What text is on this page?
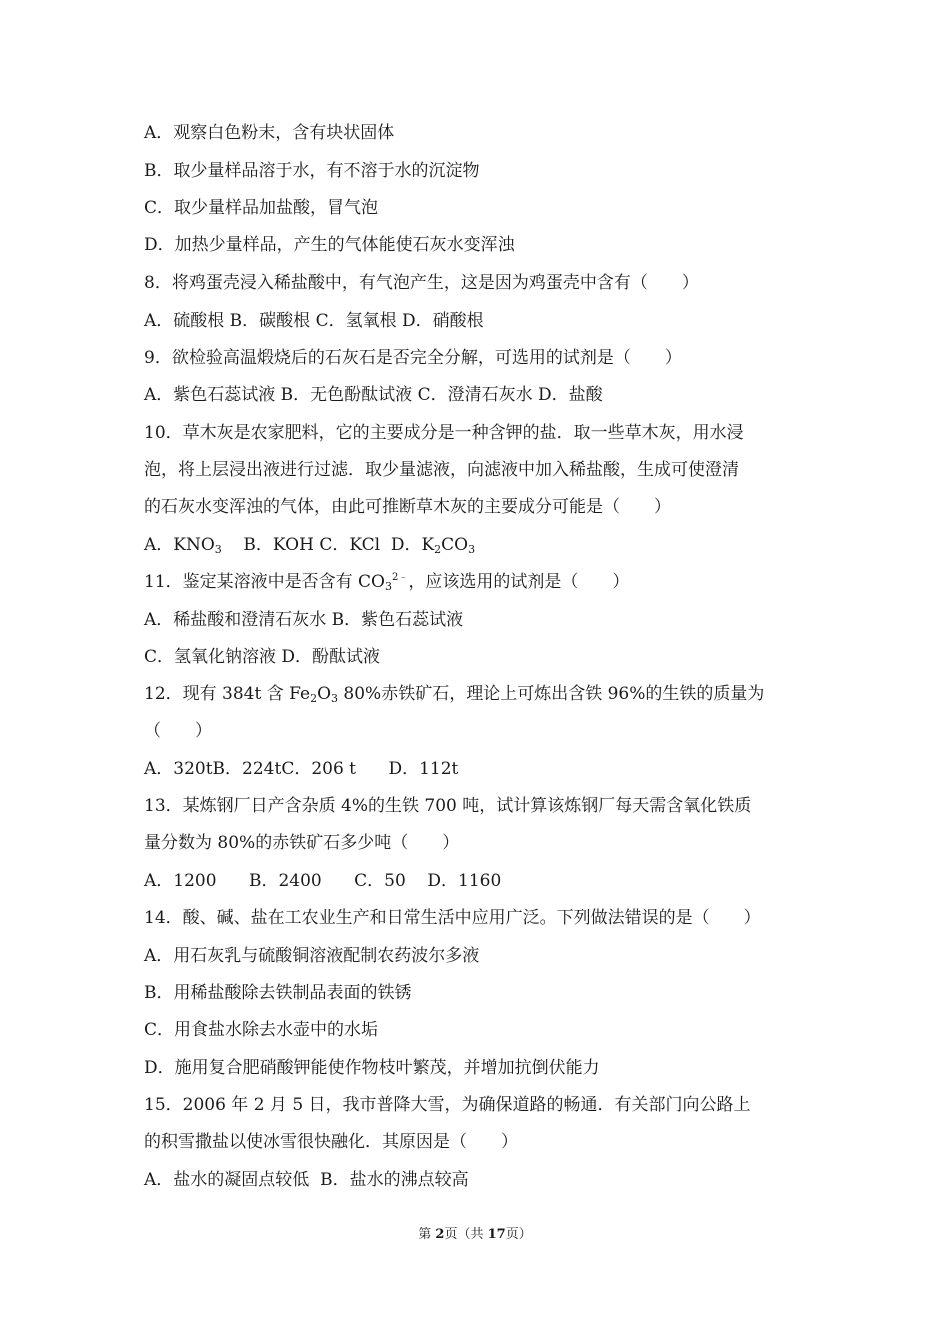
A．观察白色粉末，含有块状固体
B．取少量样品溶于水，有不溶于水的沉淀物
C．取少量样品加盐酸，冒气泡
D．加热少量样品，产生的气体能使石灰水变浑浊
8．将鸡蛋壳浸入稀盐酸中，有气泡产生，这是因为鸡蛋壳中含有（　　）
A．硫酸根 B．碳酸根 C．氢氧根 D．硝酸根
9．欲检验高温煅烧后的石灰石是否完全分解，可选用的试剂是（　　）
A．紫色石蕊试液 B．无色酚酞试液 C．澄清石灰水 D．盐酸
10．草木灰是农家肥料，它的主要成分是一种含钾的盐．取一些草木灰，用水浸
泡，将上层浸出液进行过滤．取少量滤液，向滤液中加入稀盐酸，生成可使澄清
的石灰水变浑浊的气体，由此可推断草木灰的主要成分可能是（　　）
A．$KNO_3$    B．KOH C．KCl  D．$K_2CO_3$
11．鉴定某溶液中是否含有 $CO_3^{2﹣}$，应该选用的试剂是（　　）
A．稀盐酸和澄清石灰水 B．紫色石蕊试液
C．氢氧化钠溶液 D．酚酞试液
12．现有 384t 含 $Fe_2O_3$ 80%赤铁矿石，理论上可炼出含铁 96%的生铁的质量为
（　　）
A．320tB．224tC．206 t      D．112t
13．某炼钢厂日产含杂质 4%的生铁 700 吨，试计算该炼钢厂每天需含氧化铁质
量分数为 80%的赤铁矿石多少吨（　　）
A．1200      B．2400      C．50    D．1160
14．酸、碱、盐在工农业生产和日常生活中应用广泛。下列做法错误的是（　　）
A．用石灰乳与硫酸铜溶液配制农药波尔多液
B．用稀盐酸除去铁制品表面的铁锈
C．用食盐水除去水壶中的水垢
D．施用复合肥硝酸钾能使作物枝叶繁茂，并增加抗倒伏能力
15．2006 年 2 月 5 日，我市普降大雪，为确保道路的畅通．有关部门向公路上
的积雪撒盐以使冰雪很快融化．其原因是（　　）
A．盐水的凝固点较低  B．盐水的沸点较高
第 2页（共 17页）
